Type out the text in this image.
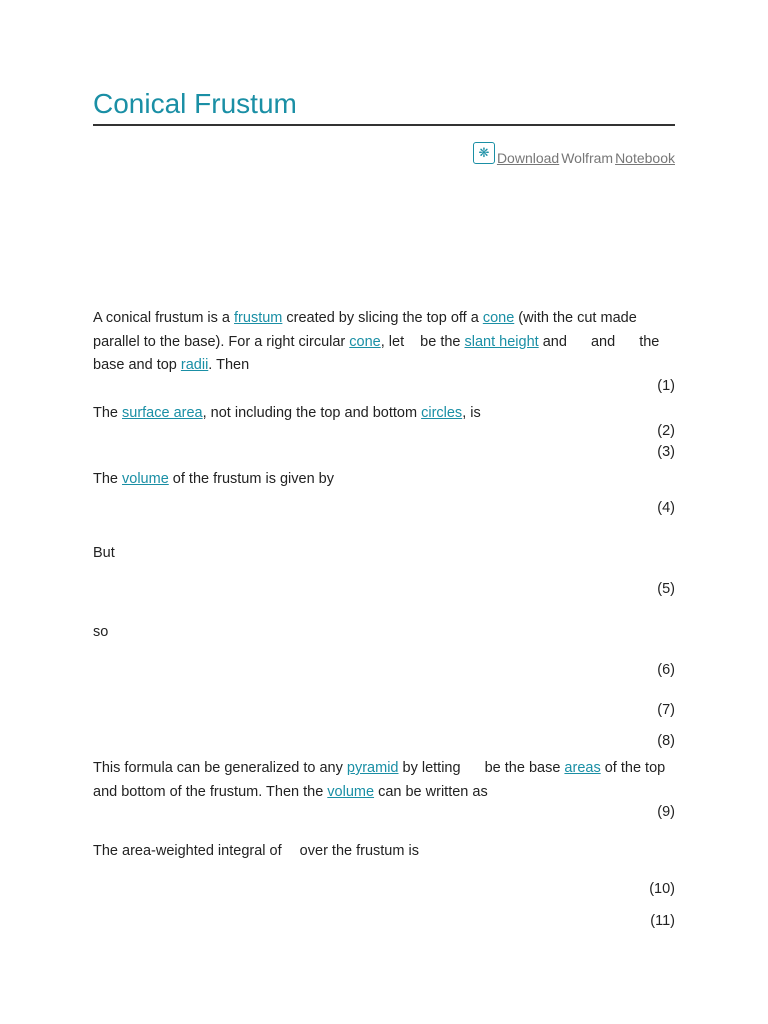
Conical Frustum
❋ Download Wolfram Notebook
A conical frustum is a frustum created by slicing the top off a cone (with the cut made parallel to the base). For a right circular cone, let  be the slant height and  and  the base and top radii. Then
(1)
The surface area, not including the top and bottom circles, is
(2)
(3)
The volume of the frustum is given by
(4)
But
(5)
so
(6)
(7)
(8)
This formula can be generalized to any pyramid by letting  be the base areas of the top and bottom of the frustum. Then the volume can be written as
(9)
The area-weighted integral of  over the frustum is
(10)
(11)
